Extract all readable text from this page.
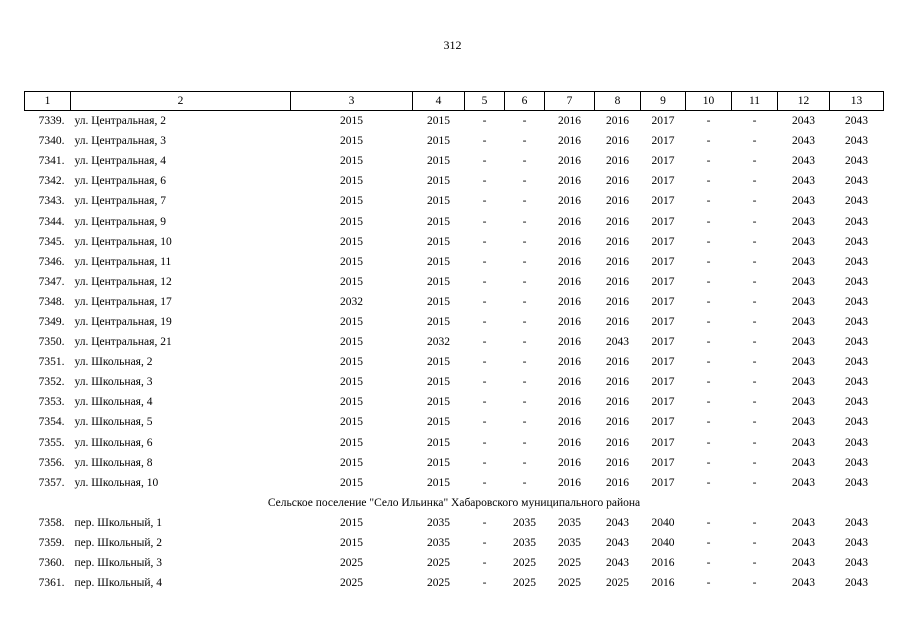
312
1	2	3	4	5	6	7	8	9	10	11	12	13
7339.	ул. Центральная, 2	2015	2015	-	-	2016	2016	2017	-	-	2043	2043
7340.	ул. Центральная, 3	2015	2015	-	-	2016	2016	2017	-	-	2043	2043
7341.	ул. Центральная, 4	2015	2015	-	-	2016	2016	2017	-	-	2043	2043
7342.	ул. Центральная, 6	2015	2015	-	-	2016	2016	2017	-	-	2043	2043
7343.	ул. Центральная, 7	2015	2015	-	-	2016	2016	2017	-	-	2043	2043
7344.	ул. Центральная, 9	2015	2015	-	-	2016	2016	2017	-	-	2043	2043
7345.	ул. Центральная, 10	2015	2015	-	-	2016	2016	2017	-	-	2043	2043
7346.	ул. Центральная, 11	2015	2015	-	-	2016	2016	2017	-	-	2043	2043
7347.	ул. Центральная, 12	2015	2015	-	-	2016	2016	2017	-	-	2043	2043
7348.	ул. Центральная, 17	2032	2015	-	-	2016	2016	2017	-	-	2043	2043
7349.	ул. Центральная, 19	2015	2015	-	-	2016	2016	2017	-	-	2043	2043
7350.	ул. Центральная, 21	2015	2032	-	-	2016	2043	2017	-	-	2043	2043
7351.	ул. Школьная, 2	2015	2015	-	-	2016	2016	2017	-	-	2043	2043
7352.	ул. Школьная, 3	2015	2015	-	-	2016	2016	2017	-	-	2043	2043
7353.	ул. Школьная, 4	2015	2015	-	-	2016	2016	2017	-	-	2043	2043
7354.	ул. Школьная, 5	2015	2015	-	-	2016	2016	2017	-	-	2043	2043
7355.	ул. Школьная, 6	2015	2015	-	-	2016	2016	2017	-	-	2043	2043
7356.	ул. Школьная, 8	2015	2015	-	-	2016	2016	2017	-	-	2043	2043
7357.	ул. Школьная, 10	2015	2015	-	-	2016	2016	2017	-	-	2043	2043
Сельское поселение "Село Ильинка" Хабаровского муниципального района												
7358.	пер. Школьный, 1	2015	2035	-	2035	2035	2043	2040	-	-	2043	2043
7359.	пер. Школьный, 2	2015	2035	-	2035	2035	2043	2040	-	-	2043	2043
7360.	пер. Школьный, 3	2025	2025	-	2025	2025	2043	2016	-	-	2043	2043
7361.	пер. Школьный, 4	2025	2025	-	2025	2025	2025	2016	-	-	2043	2043
